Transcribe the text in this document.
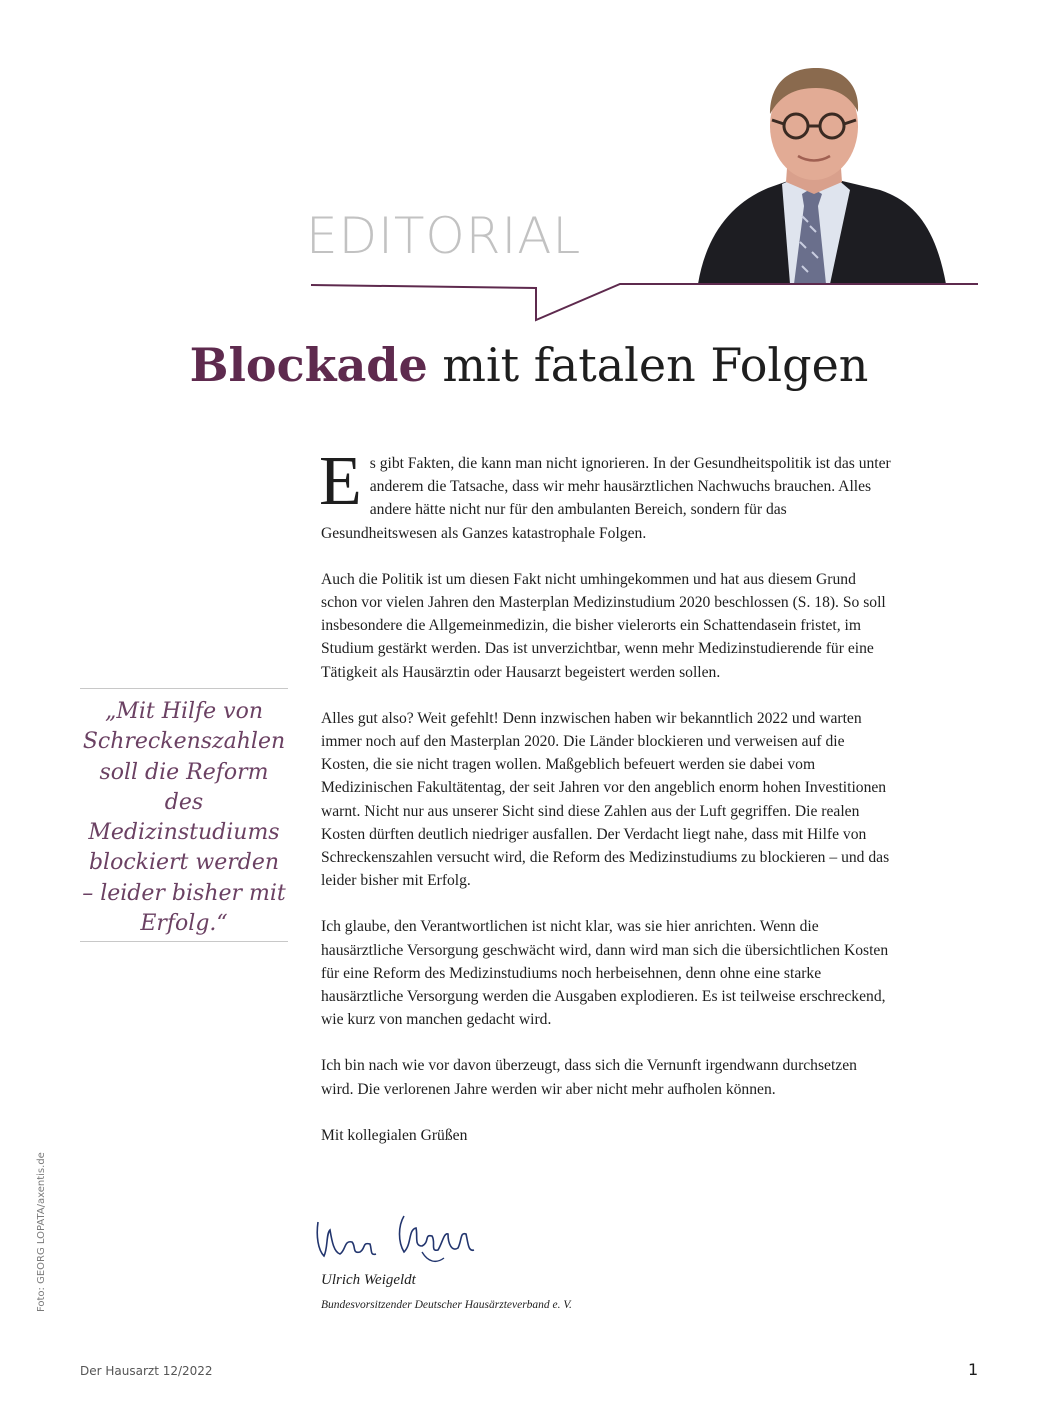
EDITORIAL
Blockade mit fatalen Folgen

„Mit Hilfe von Schreckenszahlen soll die Reform des Medizinstudiums blockiert werden – leider bisher mit Erfolg.“

Es gibt Fakten, die kann man nicht ignorieren. In der Gesundheitspolitik ist das unter anderem die Tatsache, dass wir mehr hausärztlichen Nachwuchs brauchen. Alles andere hätte nicht nur für den ambulanten Bereich, sondern für das Gesundheitswesen als Ganzes katastrophale Folgen.

Auch die Politik ist um diesen Fakt nicht umhingekommen und hat aus diesem Grund schon vor vielen Jahren den Masterplan Medizinstudium 2020 beschlossen (S. 18). So soll insbesondere die Allgemeinmedizin, die bisher vielerorts ein Schattendasein fristet, im Studium gestärkt werden. Das ist unverzichtbar, wenn mehr Medizinstudierende für eine Tätigkeit als Hausärztin oder Hausarzt begeistert werden sollen.

Alles gut also? Weit gefehlt! Denn inzwischen haben wir bekanntlich 2022 und warten immer noch auf den Masterplan 2020. Die Länder blockieren und verweisen auf die Kosten, die sie nicht tragen wollen. Maßgeblich befeuert werden sie dabei vom Medizinischen Fakultätentag, der seit Jahren vor den angeblich enorm hohen Investitionen warnt. Nicht nur aus unserer Sicht sind diese Zahlen aus der Luft gegriffen. Die realen Kosten dürften deutlich niedriger ausfallen. Der Verdacht liegt nahe, dass mit Hilfe von Schreckenszahlen versucht wird, die Reform des Medizinstudiums zu blockieren – und das leider bisher mit Erfolg.

Ich glaube, den Verantwortlichen ist nicht klar, was sie hier anrichten. Wenn die hausärztliche Versorgung geschwächt wird, dann wird man sich die übersichtlichen Kosten für eine Reform des Medizinstudiums noch herbeisehnen, denn ohne eine starke hausärztliche Versorgung werden die Ausgaben explodieren. Es ist teilweise erschreckend, wie kurz von manchen gedacht wird.

Ich bin nach wie vor davon überzeugt, dass sich die Vernunft irgendwann durchsetzen wird. Die verlorenen Jahre werden wir aber nicht mehr aufholen können.

Mit kollegialen Grüßen

Ulrich Weigeldt

Bundesvorsitzender Deutscher Hausärzteverband e. V.

Foto: GEORG LOPATA/axentis.de

Der Hausarzt 12/2022	1
